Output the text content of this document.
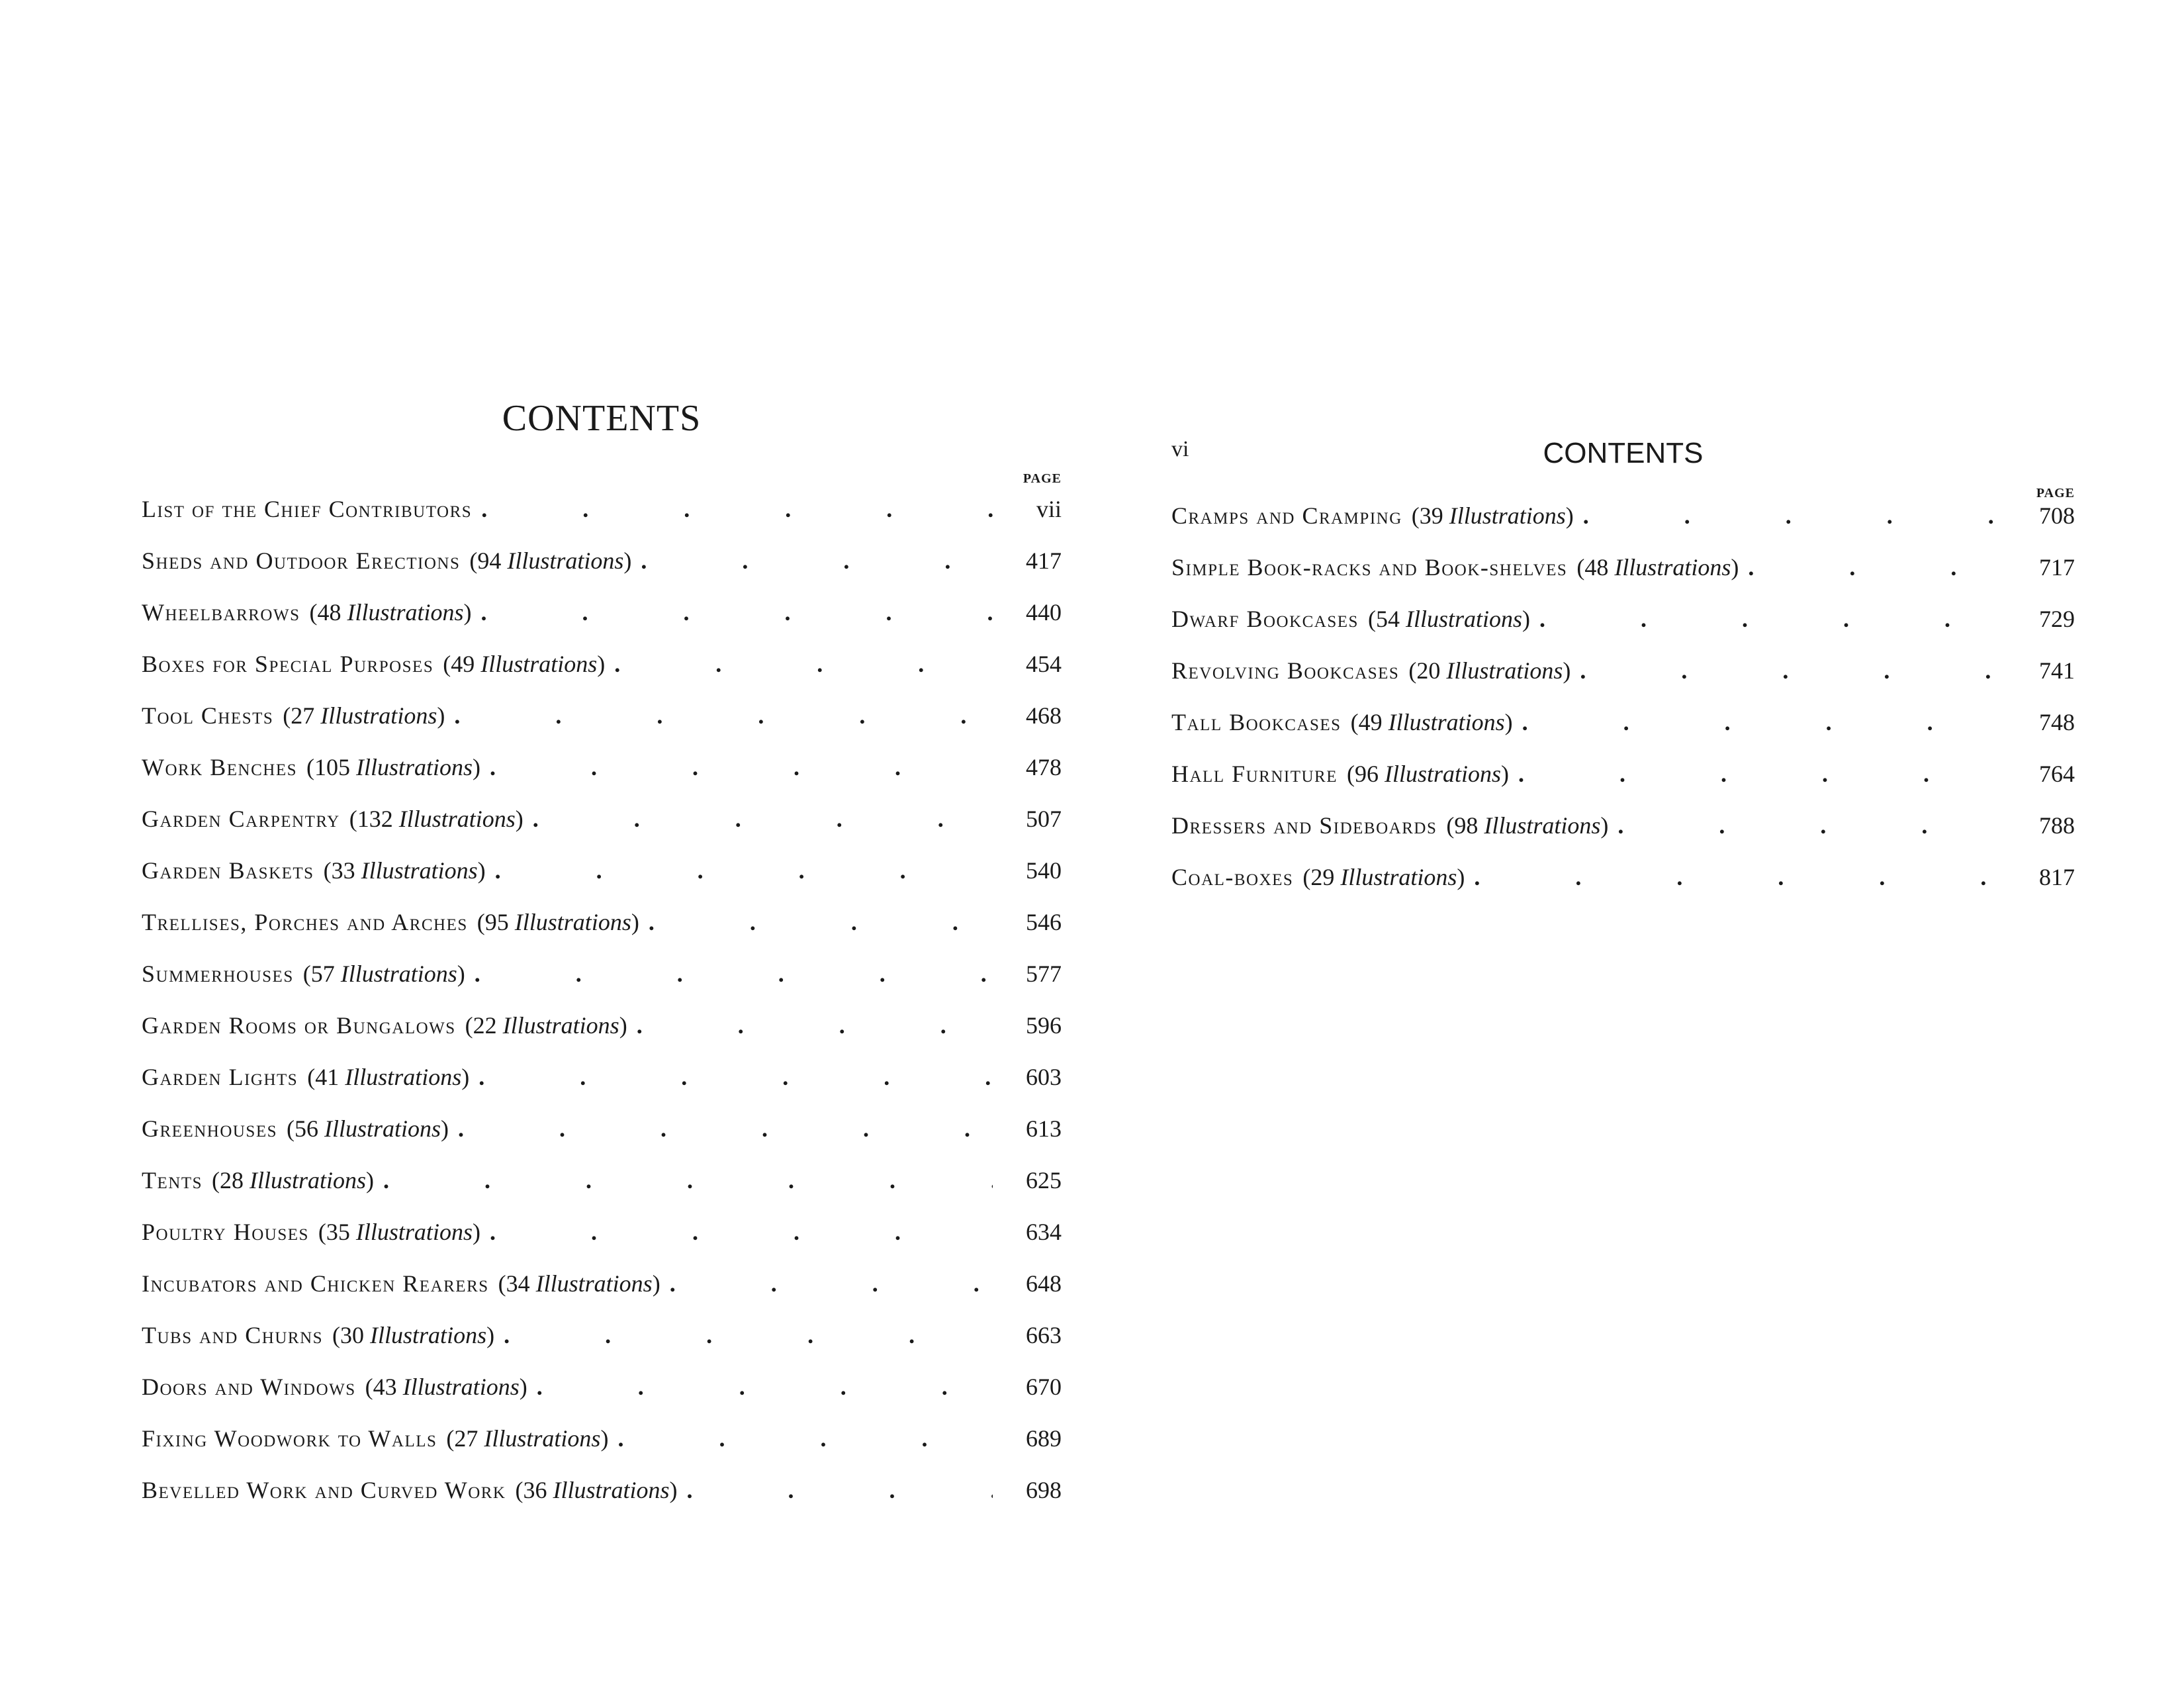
CONTENTS
PAGE
List of the Chief Contributors .	vii
Sheds and Outdoor Erections (94 Illustrations) .	417
Wheelbarrows (48 Illustrations) .	440
Boxes for Special Purposes (49 Illustrations) .	454
Tool Chests (27 Illustrations) .	468
Work Benches (105 Illustrations) .	478
Garden Carpentry (132 Illustrations) .	507
Garden Baskets (33 Illustrations) .	540
Trellises, Porches and Arches (95 Illustrations) .	546
Summerhouses (57 Illustrations) .	577
Garden Rooms or Bungalows (22 Illustrations) .	596
Garden Lights (41 Illustrations) .	603
Greenhouses (56 Illustrations) .	613
Tents (28 Illustrations) .	625
Poultry Houses (35 Illustrations) .	634
Incubators and Chicken Rearers (34 Illustrations) .	648
Tubs and Churns (30 Illustrations) .	663
Doors and Windows (43 Illustrations) .	670
Fixing Woodwork to Walls (27 Illustrations) .	689
Bevelled Work and Curved Work (36 Illustrations) .	698
vi	CONTENTS
PAGE
Cramps and Cramping (39 Illustrations) .	708
Simple Book-racks and Book-shelves (48 Illustrations) .	717
Dwarf Bookcases (54 Illustrations) .	729
Revolving Bookcases (20 Illustrations) .	741
Tall Bookcases (49 Illustrations) .	748
Hall Furniture (96 Illustrations) .	764
Dressers and Sideboards (98 Illustrations) .	788
Coal-boxes (29 Illustrations) .	817
